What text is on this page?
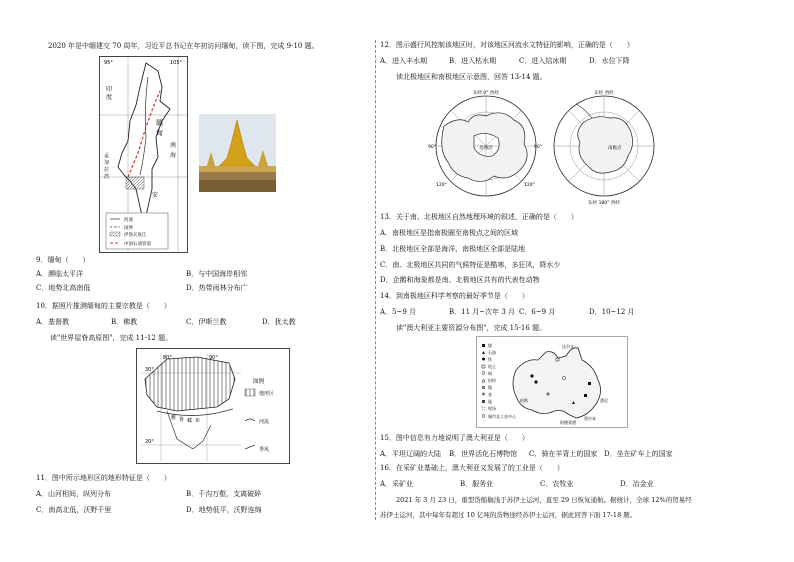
2020 年是中缅建交 70 周年，习近平总书记在年初访问缅甸，读下图，完成 9-10 题。
95°	105°
印
度
缅
甸
孟
加
拉
湾
安
南
海
河流
国界
伊洛瓦底江
中国石油管道
9．缅甸（　　）
A．濒临太平洋	B．与中国海岸相邻
C．地势北高南低	D．热带雨林分布广
10．据照片推测缅甸的主要宗教是（　　）
A．基督教	B．佛教	C．伊斯兰教	D．犹太教
读"世界屋脊高原图"，完成 11-12 题。
30°
20°
80°	90°
雅 鲁 藏 布
图例
地形区
河流
季风
11．图中所示地形区的地形特征是（　　）
A．山河相间，纵列分布	B．千沟万壑，支离破碎
C．南高北低，沃野千里	D．地势低平，沃野连绵
12．图示盛行风控制该地区时，对该地区河流水文特征的影响，正确的是（　　）
A．进入丰水期	B．进入枯水期	C．进入结冰期	D．水位下降
读北极地区和南极地区示意图，回答 13-14 题。
北冰洋
东经 0° 西经
90°	90°
120°	120°
南极点
东经 西经
东经 180° 西经
13．关于南、北极地区自然地理环境的叙述，正确的是（　　）
A．南极地区是指南极圈至南极点之间的区域
B．北极地区全部是海洋，南极地区全部是陆地
C．南、北极地区共同的气候特征是酷寒，多狂风，降水少
D．企鹅和海象都是南、北极地区共有的代表性动物
14．到南极地区科学考察的最好季节是（　　）
A．5~9 月	B．11 月~次年 3 月 C．6~9 月	D．10~12 月
读"澳大利亚主要资源分布图"，完成 15-16 题。
煤
石油
铁
铝土
铜
铅锌
镍
金
锰
牧场
城市及工业中心
达尔文
悉尼
珀斯
墨尔本
阿德莱德
15．图中信息有力地说明了澳大利亚是（　　）
A．平坦辽阔的大陆 B．世界活化石博物馆 C．骑在羊背上的国家 D．坐在矿车上的国家
16．在采矿业基础上，澳大利亚又发展了的工业是（　　）
A．采矿业	B．服务业	C．农牧业	D．冶金业
2021 年 3 月 23 日，重型货船搁浅于苏伊士运河，直至 29 日恢复通航。据统计，全球 12%的贸易经
苏伊士运河，其中每年有超过 10 亿吨的货物途经苏伊士运河，据此回答下面 17-18 题。
